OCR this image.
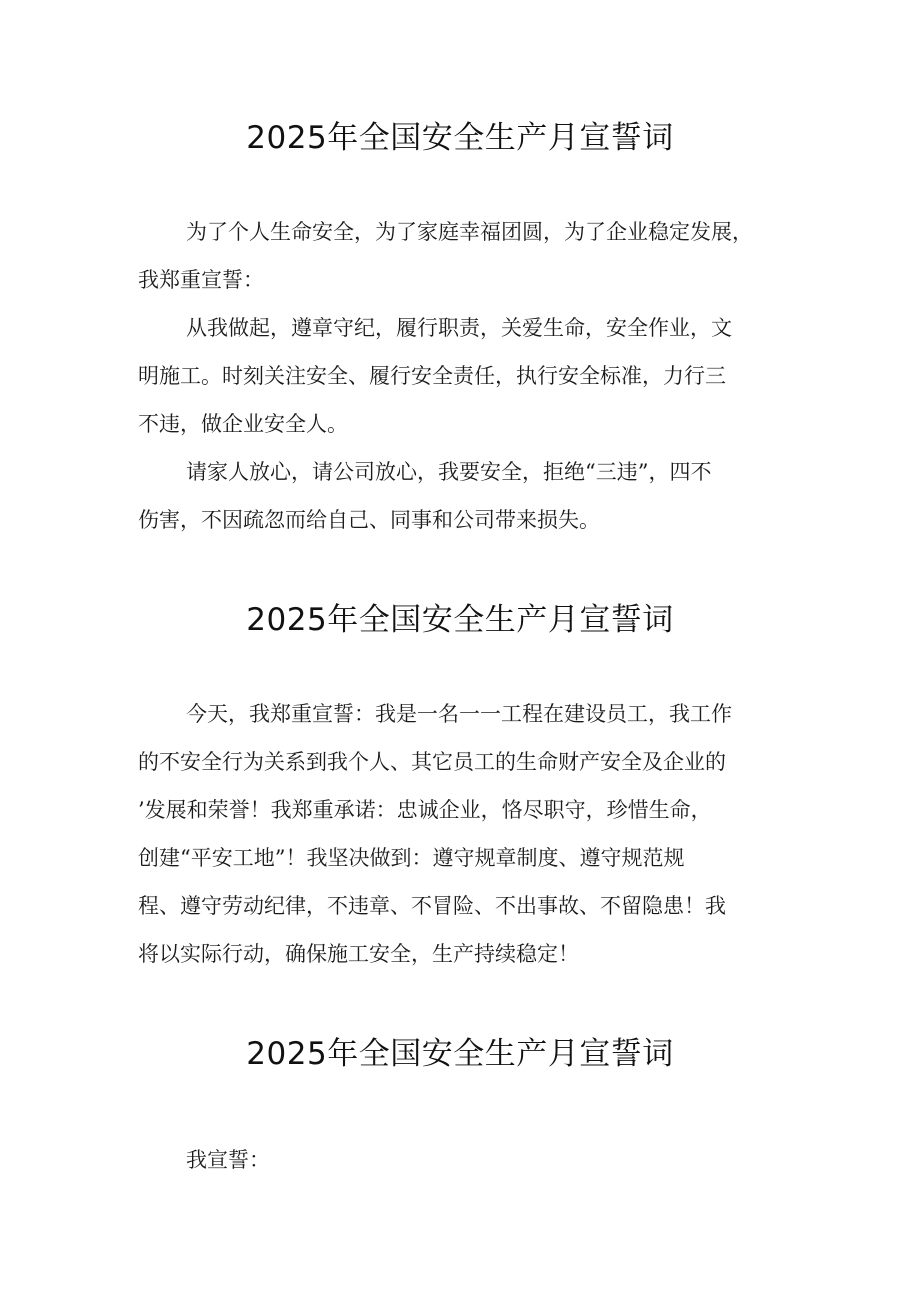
2025年全国安全生产月宣誓词

为了个人生命安全，为了家庭幸福团圆，为了企业稳定发展，
我郑重宣誓：

从我做起，遵章守纪，履行职责，关爱生命，安全作业，文
明施工。时刻关注安全、履行安全责任，执行安全标准，力行三
不违，做企业安全人。

请家人放心，请公司放心，我要安全，拒绝“三违”，四不
伤害，不因疏忽而给自己、同事和公司带来损失。

2025年全国安全生产月宣誓词

今天，我郑重宣誓：我是一名一一工程在建设员工，我工作
的不安全行为关系到我个人、其它员工的生命财产安全及企业的
’发展和荣誉！我郑重承诺：忠诚企业，恪尽职守，珍惜生命，
创建“平安工地”！我坚决做到：遵守规章制度、遵守规范规
程、遵守劳动纪律，不违章、不冒险、不出事故、不留隐患！我
将以实际行动，确保施工安全，生产持续稳定！

2025年全国安全生产月宣誓词

我宣誓：
